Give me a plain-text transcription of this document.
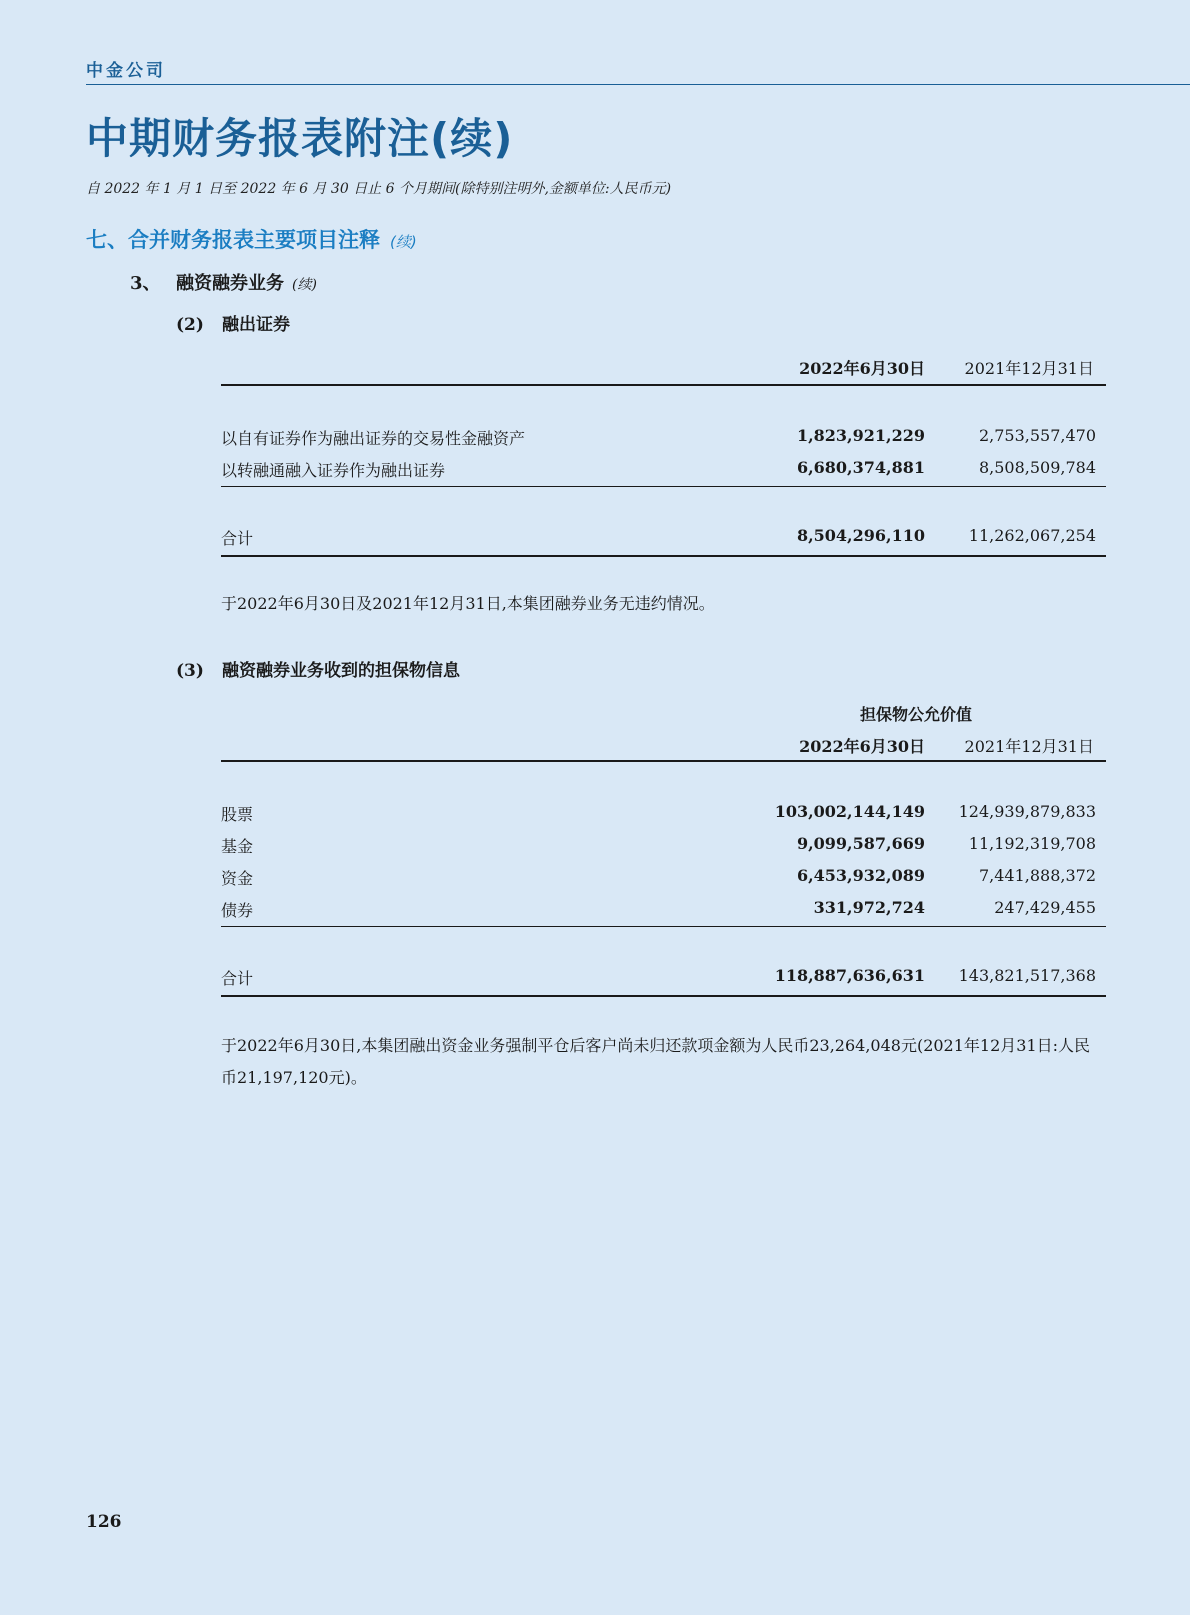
中金公司
中期财务报表附注(续)
自 2022 年 1 月 1 日至 2022 年 6 月 30 日止 6 个月期间(除特别注明外,金额单位:人民币元)
七、合并财务报表主要项目注释 (续)
3、 融资融券业务 (续)
(2) 融出证券
2022年6月30日 2021年12月31日
以自有证券作为融出证券的交易性金融资产	1,823,921,229	2,753,557,470
以转融通融入证券作为融出证券	6,680,374,881	8,508,509,784
合计	8,504,296,110	11,262,067,254
于2022年6月30日及2021年12月31日,本集团融券业务无违约情况。
(3) 融资融券业务收到的担保物信息
担保物公允价值
2022年6月30日 2021年12月31日
股票	103,002,144,149 124,939,879,833
基金	9,099,587,669	11,192,319,708
资金	6,453,932,089	7,441,888,372
债券	331,972,724	247,429,455
合计	118,887,636,631 143,821,517,368
于2022年6月30日,本集团融出资金业务强制平仓后客户尚未归还款项金额为人民币23,264,048元(2021年12月31日:人民币21,197,120元)。
126
